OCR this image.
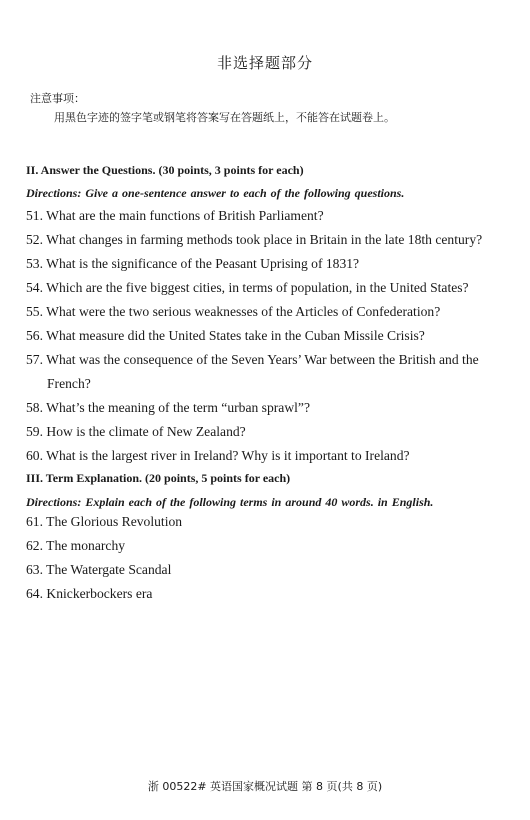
非选择题部分
注意事项：
用黑色字迹的签字笔或钢笔将答案写在答题纸上，不能答在试题卷上。
II. Answer the Questions. (30 points, 3 points for each)
Directions: Give a one-sentence answer to each of the following questions.
51. What are the main functions of British Parliament?
52. What changes in farming methods took place in Britain in the late 18th century?
53. What is the significance of the Peasant Uprising of 1831?
54. Which are the five biggest cities, in terms of population, in the United States?
55. What were the two serious weaknesses of the Articles of Confederation?
56. What measure did the United States take in the Cuban Missile Crisis?
57. What was the consequence of the Seven Years’ War between the British and the
French?
58. What’s the meaning of the term “urban sprawl”?
59. How is the climate of New Zealand?
60. What is the largest river in Ireland? Why is it important to Ireland?
III. Term Explanation. (20 points, 5 points for each)
Directions: Explain each of the following terms in around 40 words. in English.
61. The Glorious Revolution
62. The monarchy
63. The Watergate Scandal
64. Knickerbockers era
浙 00522# 英语国家概况试题 第 8 页(共 8 页)
